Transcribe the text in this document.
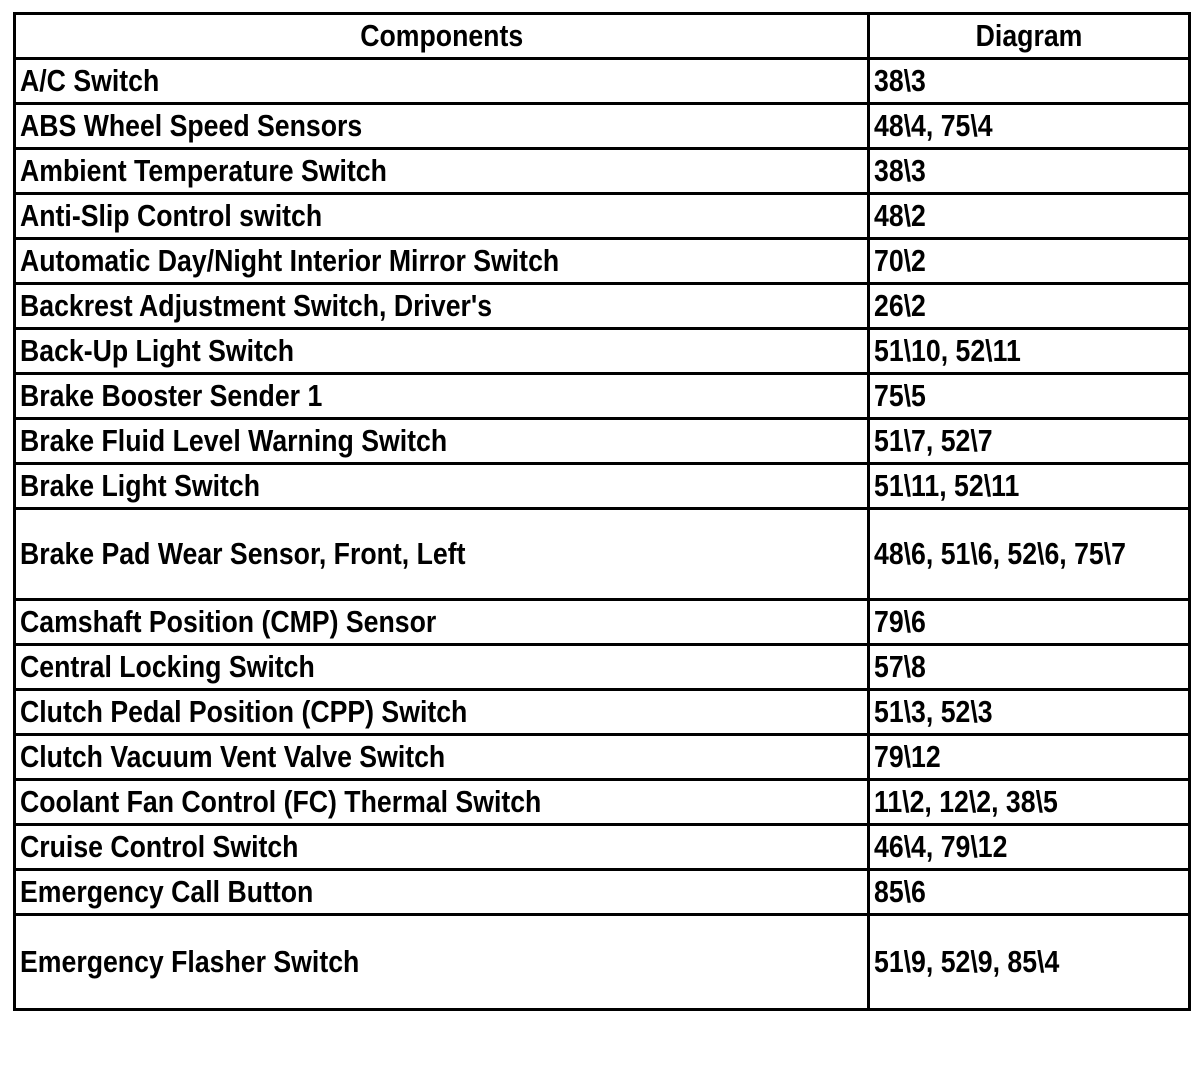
Components	Diagram
A/C Switch	38\3
ABS Wheel Speed Sensors	48\4, 75\4
Ambient Temperature Switch	38\3
Anti-Slip Control switch	48\2
Automatic Day/Night Interior Mirror Switch	70\2
Backrest Adjustment Switch, Driver's	26\2
Back-Up Light Switch	51\10, 52\11
Brake Booster Sender 1	75\5
Brake Fluid Level Warning Switch	51\7, 52\7
Brake Light Switch	51\11, 52\11
Brake Pad Wear Sensor, Front, Left	48\6, 51\6, 52\6, 75\7
Camshaft Position (CMP) Sensor	79\6
Central Locking Switch	57\8
Clutch Pedal Position (CPP) Switch	51\3, 52\3
Clutch Vacuum Vent Valve Switch	79\12
Coolant Fan Control (FC) Thermal Switch	11\2, 12\2, 38\5
Cruise Control Switch	46\4, 79\12
Emergency Call Button	85\6
Emergency Flasher Switch	51\9, 52\9, 85\4
